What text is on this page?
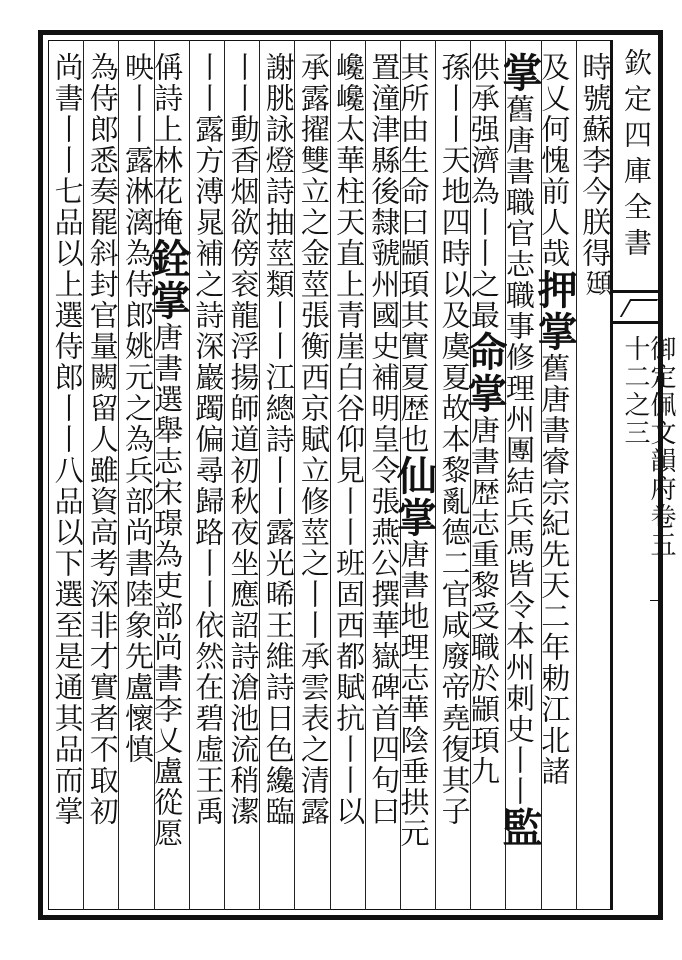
欽定四庫全書
御定佩文韻府卷五十二之三
時號蘇李今朕得頲
及乂何愧前人哉押掌舊唐書睿宗紀先天二年勅江北諸
掌舊唐書職官志職事修理州團結兵馬皆令本州刺史丨丨監
供承强濟為丨丨之最命掌唐書歴志重黎受職於顓頊九
孫丨丨天地四時以及虞夏故本黎亂德二官咸廢帝堯復其子
其所由生命曰顓頊其實夏歴也仙掌唐書地理志華陰垂拱元
置潼津縣後隸虢州國史補明皇令張燕公撰華嶽碑首四句曰
巉巉太華柱天直上青崖白谷仰見丨丨班固西都賦抗丨丨以
承露擢雙立之金莖張衡西京賦立修莖之丨丨承雲表之清露
謝朓詠燈詩抽莖類丨丨江總詩丨丨露光晞王維詩日色纔臨
丨丨動香烟欲傍衮龍浮揚師道初秋夜坐應詔詩滄池流稍潔
丨丨露方溥晁補之詩深巖躅偏尋歸路丨丨依然在碧虛王禹
偁詩上林花掩銓掌唐書選舉志宋璟為吏部尚書李乂盧從愿
映丨丨露淋漓為侍郎姚元之為兵部尚書陸象先盧懷慎
為侍郎悉奏罷斜封官量闕留人雖資高考深非才實者不取初
尚書丨丨七品以上選侍郎丨丨八品以下選至是通其品而掌
